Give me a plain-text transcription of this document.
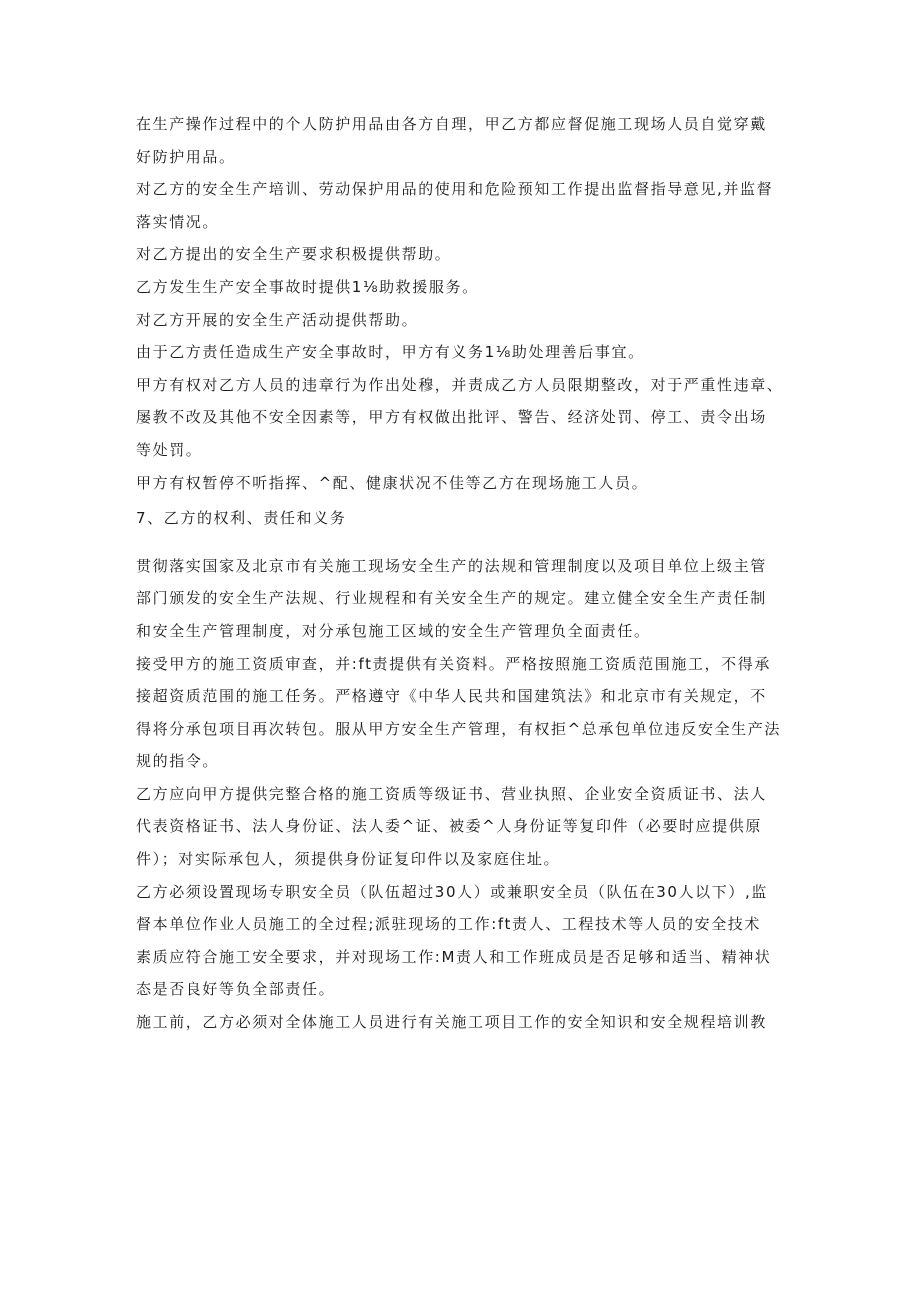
在生产操作过程中的个人防护用品由各方自理，甲乙方都应督促施工现场人员自觉穿戴
好防护用品。
对乙方的安全生产培训、劳动保护用品的使用和危险预知工作提出监督指导意见,并监督
落实情况。
对乙方提出的安全生产要求积极提供帮助。
乙方发生生产安全事故时提供1⅛助救援服务。
对乙方开展的安全生产活动提供帮助。
由于乙方责任造成生产安全事故时，甲方有义务1⅛助处理善后事宜。
甲方有权对乙方人员的违章行为作出处穆，并责成乙方人员限期整改，对于严重性违章、
屡教不改及其他不安全因素等，甲方有权做出批评、警告、经济处罚、停工、责令出场
等处罚。
甲方有权暂停不听指挥、^配、健康状况不佳等乙方在现场施工人员。
7、乙方的权利、责任和义务
贯彻落实国家及北京市有关施工现场安全生产的法规和管理制度以及项目单位上级主管
部门颁发的安全生产法规、行业规程和有关安全生产的规定。建立健全安全生产责任制
和安全生产管理制度，对分承包施工区域的安全生产管理负全面责任。
接受甲方的施工资质审查，并:ft责提供有关资料。严格按照施工资质范围施工，不得承
接超资质范围的施工任务。严格遵守《中华人民共和国建筑法》和北京市有关规定，不
得将分承包项目再次转包。服从甲方安全生产管理，有权拒^总承包单位违反安全生产法
规的指令。
乙方应向甲方提供完整合格的施工资质等级证书、营业执照、企业安全资质证书、法人
代表资格证书、法人身份证、法人委^证、被委^人身份证等复印件（必要时应提供原
件）；对实际承包人，须提供身份证复印件以及家庭住址。
乙方必须设置现场专职安全员（队伍超过30人）或兼职安全员（队伍在30人以下）,监
督本单位作业人员施工的全过程;派驻现场的工作:ft责人、工程技术等人员的安全技术
素质应符合施工安全要求，并对现场工作:M责人和工作班成员是否足够和适当、精神状
态是否良好等负全部责任。
施工前，乙方必须对全体施工人员进行有关施工项目工作的安全知识和安全规程培训教
